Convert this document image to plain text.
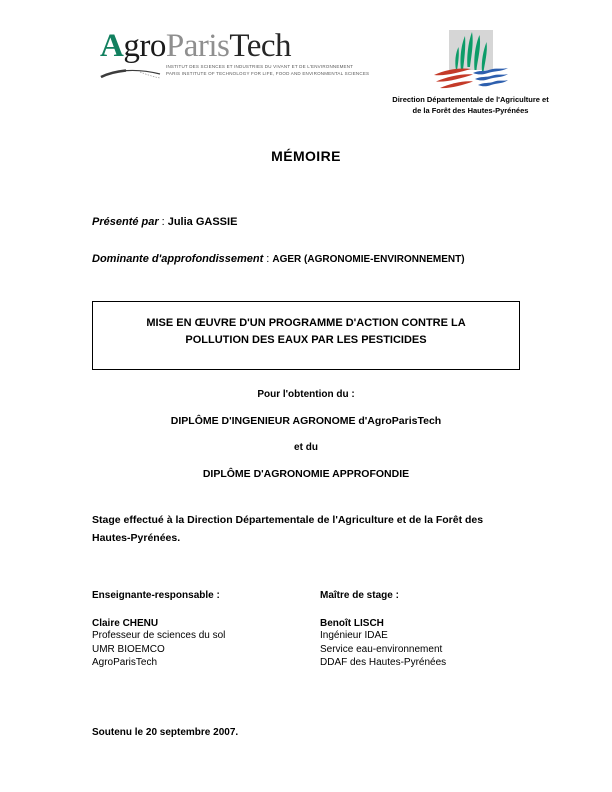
AgroParisTech
INSTITUT DES SCIENCES ET INDUSTRIES DU VIVANT ET DE L'ENVIRONNEMENT
PARIS INSTITUTE OF TECHNOLOGY FOR LIFE, FOOD AND ENVIRONMENTAL SCIENCES
Direction Départementale de l'Agriculture et
de la Forêt des Hautes-Pyrénées
MÉMOIRE
Présenté par : Julia GASSIE
Dominante d'approfondissement : AGER (AGRONOMIE-ENVIRONNEMENT)
MISE EN ŒUVRE D'UN PROGRAMME D'ACTION CONTRE LA POLLUTION DES EAUX PAR LES PESTICIDES
Pour l'obtention du :
DIPLÔME D'INGENIEUR AGRONOME d'AgroParisTech
et du
DIPLÔME D'AGRONOMIE APPROFONDIE
Stage effectué à la Direction Départementale de l'Agriculture et de la Forêt des Hautes-Pyrénées.
Enseignante-responsable :
Claire CHENU
Professeur de sciences du sol
UMR BIOEMCO
AgroParisTech
Maître de stage :
Benoît LISCH
Ingénieur IDAE
Service eau-environnement
DDAF des Hautes-Pyrénées
Soutenu le 20 septembre 2007.
